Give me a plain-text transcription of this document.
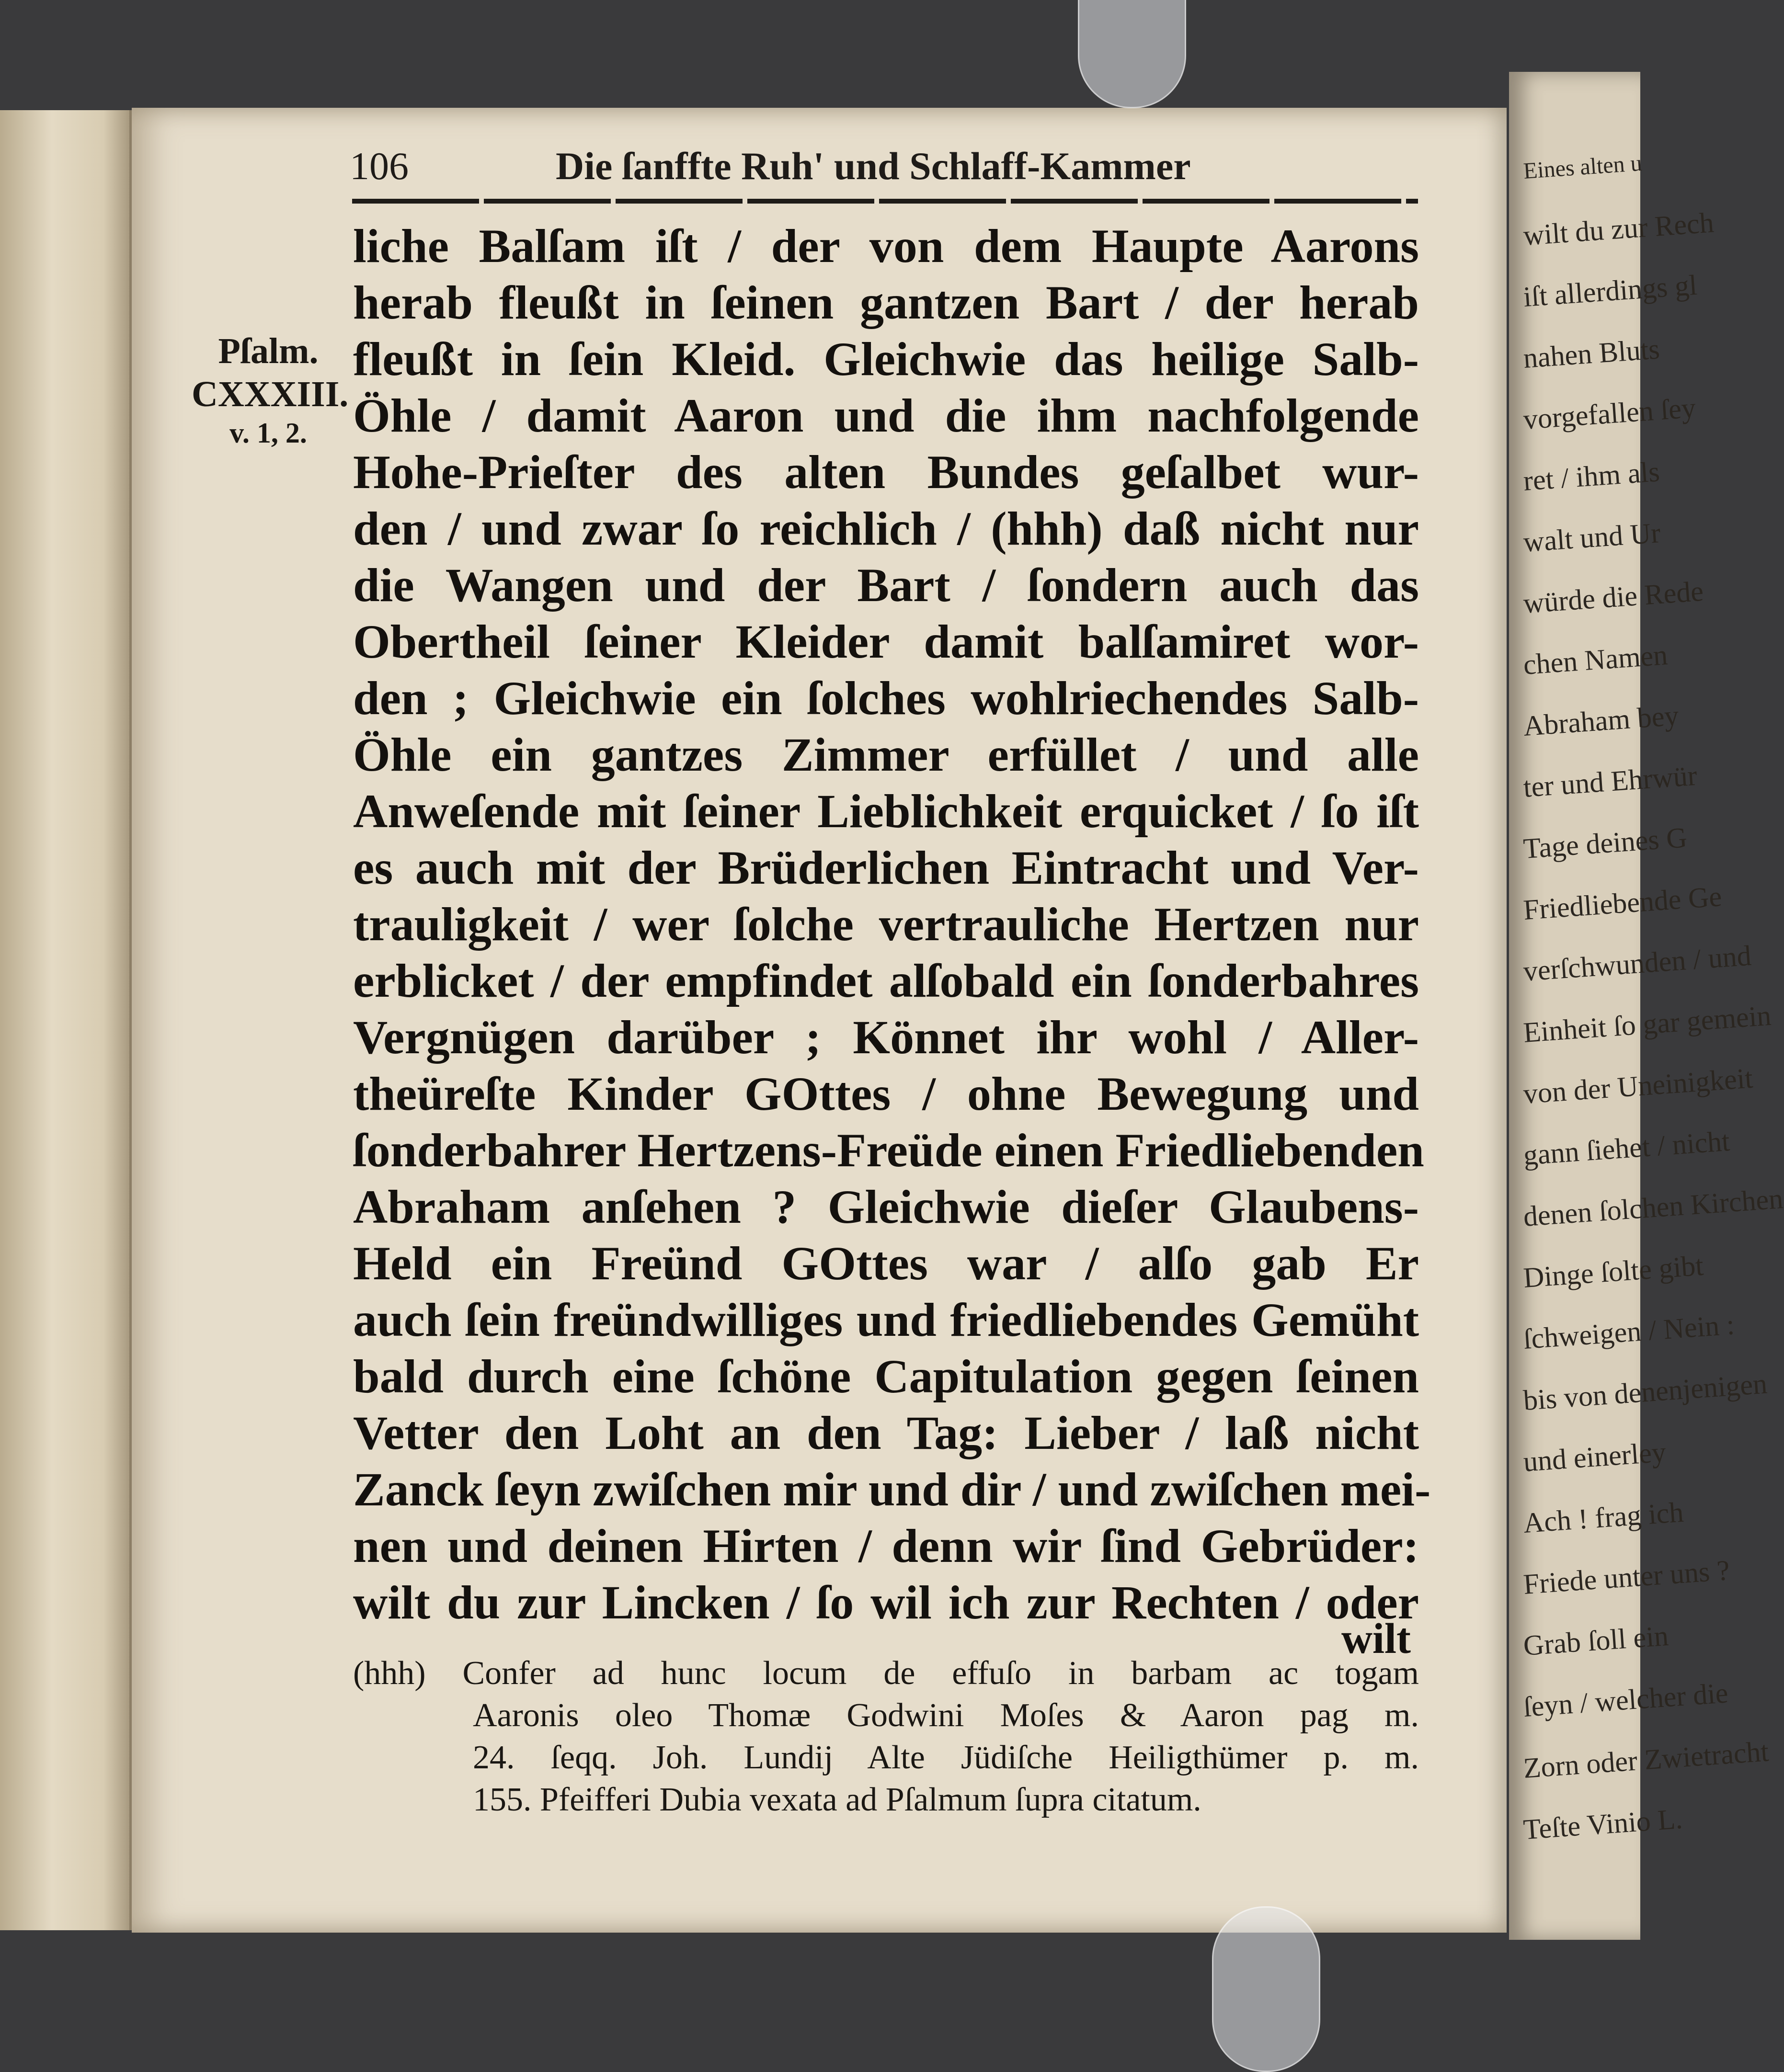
106	Die ſanffte Ruh' und Schlaff-Kammer
Pſalm.
CXXXIII.
v. 1, 2.
liche Balſam iſt / der von dem Haupte Aarons
herab fleußt in ſeinen gantzen Bart / der herab
fleußt in ſein Kleid. Gleichwie das heilige Salb-
Öhle / damit Aaron und die ihm nachfolgende
Hohe-Prieſter des alten Bundes geſalbet wur-
den / und zwar ſo reichlich / (hhh) daß nicht nur
die Wangen und der Bart / ſondern auch das
Obertheil ſeiner Kleider damit balſamiret wor-
den ; Gleichwie ein ſolches wohlriechendes Salb-
Öhle ein gantzes Zimmer erfüllet / und alle
Anweſende mit ſeiner Lieblichkeit erquicket / ſo iſt
es auch mit der Brüderlichen Eintracht und Ver-
trauligkeit / wer ſolche vertrauliche Hertzen nur
erblicket / der empfindet alſobald ein ſonderbahres
Vergnügen darüber ; Könnet ihr wohl / Aller-
theüreſte Kinder GOttes / ohne Bewegung und
ſonderbahrer Hertzens-Freüde einen Friedliebenden
Abraham anſehen ? Gleichwie dieſer Glaubens-
Held ein Freünd GOttes war / alſo gab Er
auch ſein freündwilliges und friedliebendes Gemüht
bald durch eine ſchöne Capitulation gegen ſeinen
Vetter den Loht an den Tag: Lieber / laß nicht
Zanck ſeyn zwiſchen mir und dir / und zwiſchen mei-
nen und deinen Hirten / denn wir ſind Gebrüder:
wilt du zur Lincken / ſo wil ich zur Rechten / oder
wilt
(hhh) Confer ad hunc locum de effuſo in barbam ac togam
Aaronis oleo Thomæ Godwini Moſes & Aaron pag m.
24. ſeqq. Joh. Lundij Alte Jüdiſche Heiligthümer p. m.
155. Pfeifferi Dubia vexata ad Pſalmum ſupra citatum.
Eines alten u
wilt du zur Rech
iſt allerdings gl
nahen Bluts
vorgefallen ſey
ret / ihm als
walt und Ur
würde die Rede
chen Namen
Abraham bey
ter und Ehrwür
Tage deines G
Friedliebende Ge
verſchwunden / und
Einheit ſo gar gemein
von der Uneinigkeit
gann ſiehet / nicht
denen ſolchen Kirchen
Dinge ſolte gibt
ſchweigen / Nein :
bis von denenjenigen
und einerley
Ach ! frag ich
Friede unter uns ?
Grab ſoll ein
ſeyn / welcher die
Zorn oder Zwietracht
Teſte Vinio L.
